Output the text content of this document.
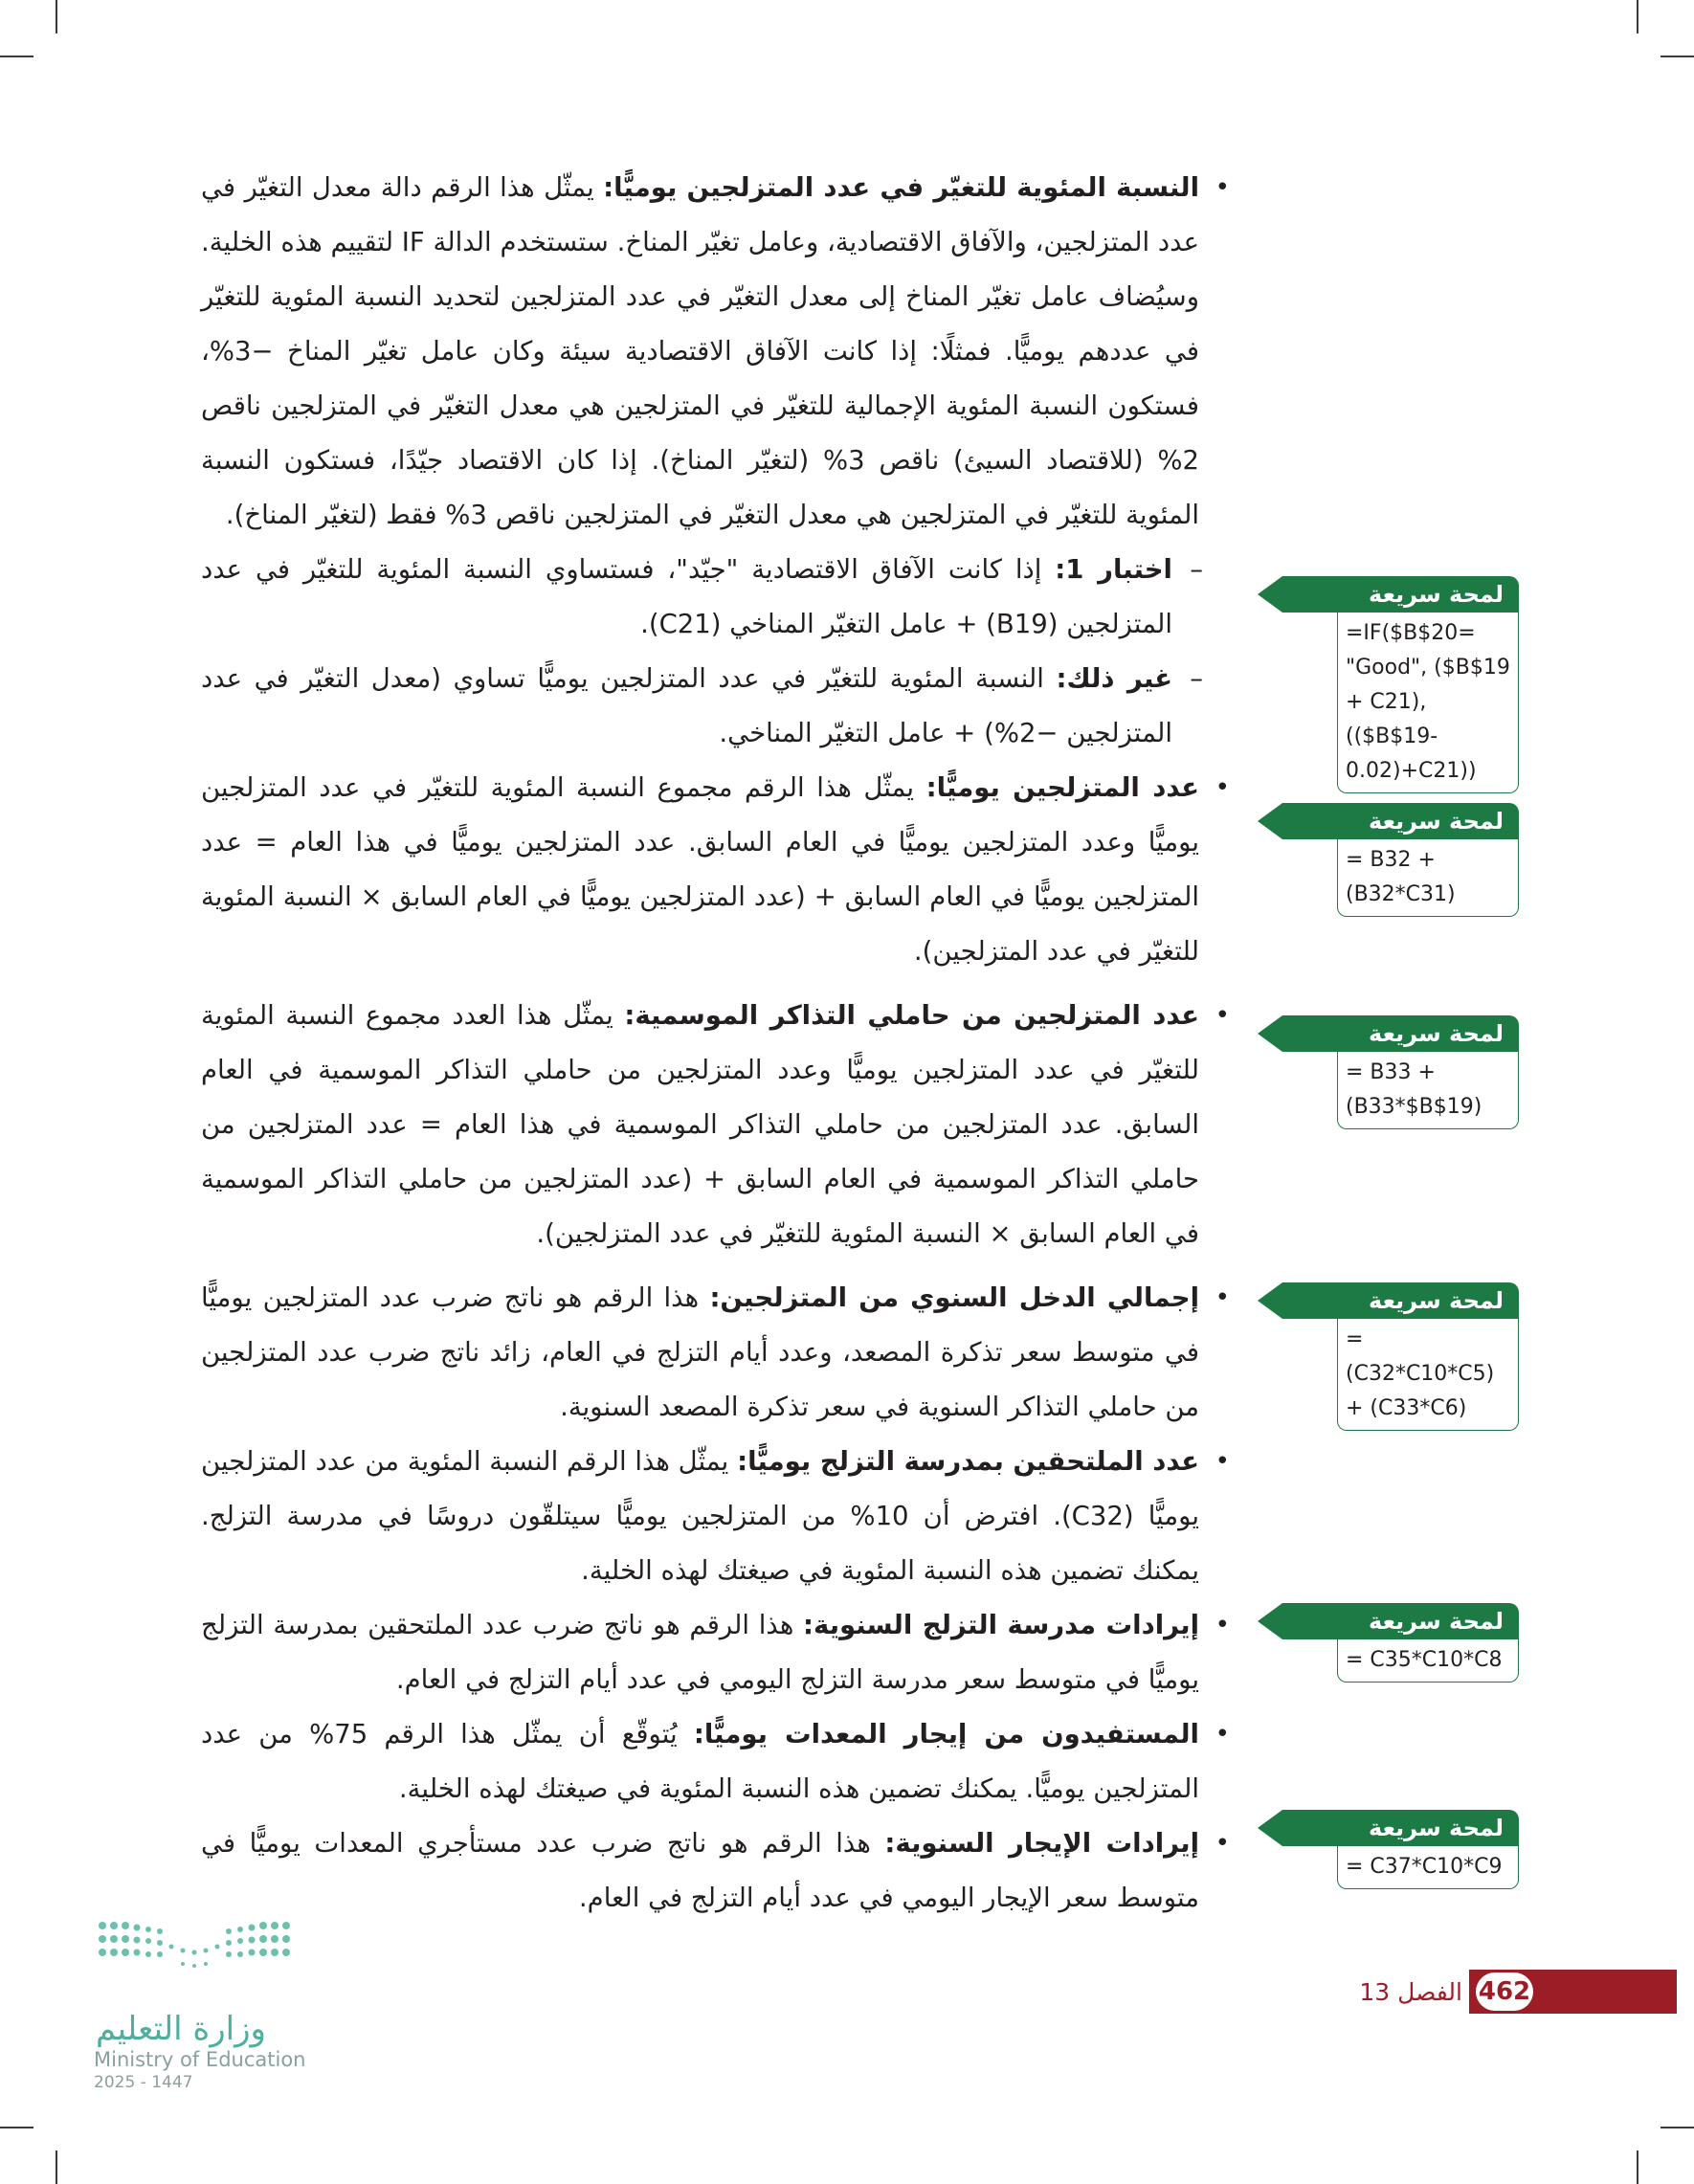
• النسبة المئوية للتغيّر في عدد المتزلجين يوميًّا: يمثّل هذا الرقم دالة معدل التغيّر في عدد المتزلجين، والآفاق الاقتصادية، وعامل تغيّر المناخ. ستستخدم الدالة IF لتقييم هذه الخلية. وسيُضاف عامل تغيّر المناخ إلى معدل التغيّر في عدد المتزلجين لتحديد النسبة المئوية للتغيّر في عددهم يوميًّا. فمثلًا: إذا كانت الآفاق الاقتصادية سيئة وكان عامل تغيّر المناخ −3%، فستكون النسبة المئوية الإجمالية للتغيّر في المتزلجين هي معدل التغيّر في المتزلجين ناقص 2% (للاقتصاد السيئ) ناقص 3% (لتغيّر المناخ). إذا كان الاقتصاد جيّدًا، فستكون النسبة المئوية للتغيّر في المتزلجين هي معدل التغيّر في المتزلجين ناقص 3% فقط (لتغيّر المناخ).

–
اختبار 1: إذا كانت الآفاق الاقتصادية "جيّد"، فستساوي النسبة المئوية للتغيّر في عدد المتزلجين (B19) + عامل التغيّر المناخي (C21).

–
غير ذلك: النسبة المئوية للتغيّر في عدد المتزلجين يوميًّا تساوي (معدل التغيّر في عدد المتزلجين −2%) + عامل التغيّر المناخي.

• عدد المتزلجين يوميًّا: يمثّل هذا الرقم مجموع النسبة المئوية للتغيّر في عدد المتزلجين يوميًّا وعدد المتزلجين يوميًّا في العام السابق. عدد المتزلجين يوميًّا في هذا العام = عدد المتزلجين يوميًّا في العام السابق + (عدد المتزلجين يوميًّا في العام السابق × النسبة المئوية للتغيّر في عدد المتزلجين).

• عدد المتزلجين من حاملي التذاكر الموسمية: يمثّل هذا العدد مجموع النسبة المئوية للتغيّر في عدد المتزلجين يوميًّا وعدد المتزلجين من حاملي التذاكر الموسمية في العام السابق. عدد المتزلجين من حاملي التذاكر الموسمية في هذا العام = عدد المتزلجين من حاملي التذاكر الموسمية في العام السابق + (عدد المتزلجين من حاملي التذاكر الموسمية في العام السابق × النسبة المئوية للتغيّر في عدد المتزلجين).

• إجمالي الدخل السنوي من المتزلجين: هذا الرقم هو ناتج ضرب عدد المتزلجين يوميًّا في متوسط سعر تذكرة المصعد، وعدد أيام التزلج في العام، زائد ناتج ضرب عدد المتزلجين من حاملي التذاكر السنوية في سعر تذكرة المصعد السنوية.

• عدد الملتحقين بمدرسة التزلج يوميًّا: يمثّل هذا الرقم النسبة المئوية من عدد المتزلجين يوميًّا (C32). افترض أن 10% من المتزلجين يوميًّا سيتلقّون دروسًا في مدرسة التزلج. يمكنك تضمين هذه النسبة المئوية في صيغتك لهذه الخلية.

• إيرادات مدرسة التزلج السنوية: هذا الرقم هو ناتج ضرب عدد الملتحقين بمدرسة التزلج يوميًّا في متوسط سعر مدرسة التزلج اليومي في عدد أيام التزلج في العام.

• المستفيدون من إيجار المعدات يوميًّا: يُتوقّع أن يمثّل هذا الرقم 75% من عدد المتزلجين يوميًّا. يمكنك تضمين هذه النسبة المئوية في صيغتك لهذه الخلية.

• إيرادات الإيجار السنوية: هذا الرقم هو ناتج ضرب عدد مستأجري المعدات يوميًّا في متوسط سعر الإيجار اليومي في عدد أيام التزلج في العام.

لمحة سريعة
=IF($B$20=
"Good", ($B$19
+ C21), (($B$19-
0.02)+C21))
لمحة سريعة
= B32 +
(B32*C31)
لمحة سريعة
= B33 +
(B33*$B$19)
لمحة سريعة
= (C32*C10*C5)
+ (C33*C6)
لمحة سريعة
= C35*C10*C8
لمحة سريعة
= C37*C10*C9
462
الفصل 13
وزارة التعليم
Ministry of Education
2025 - 1447
